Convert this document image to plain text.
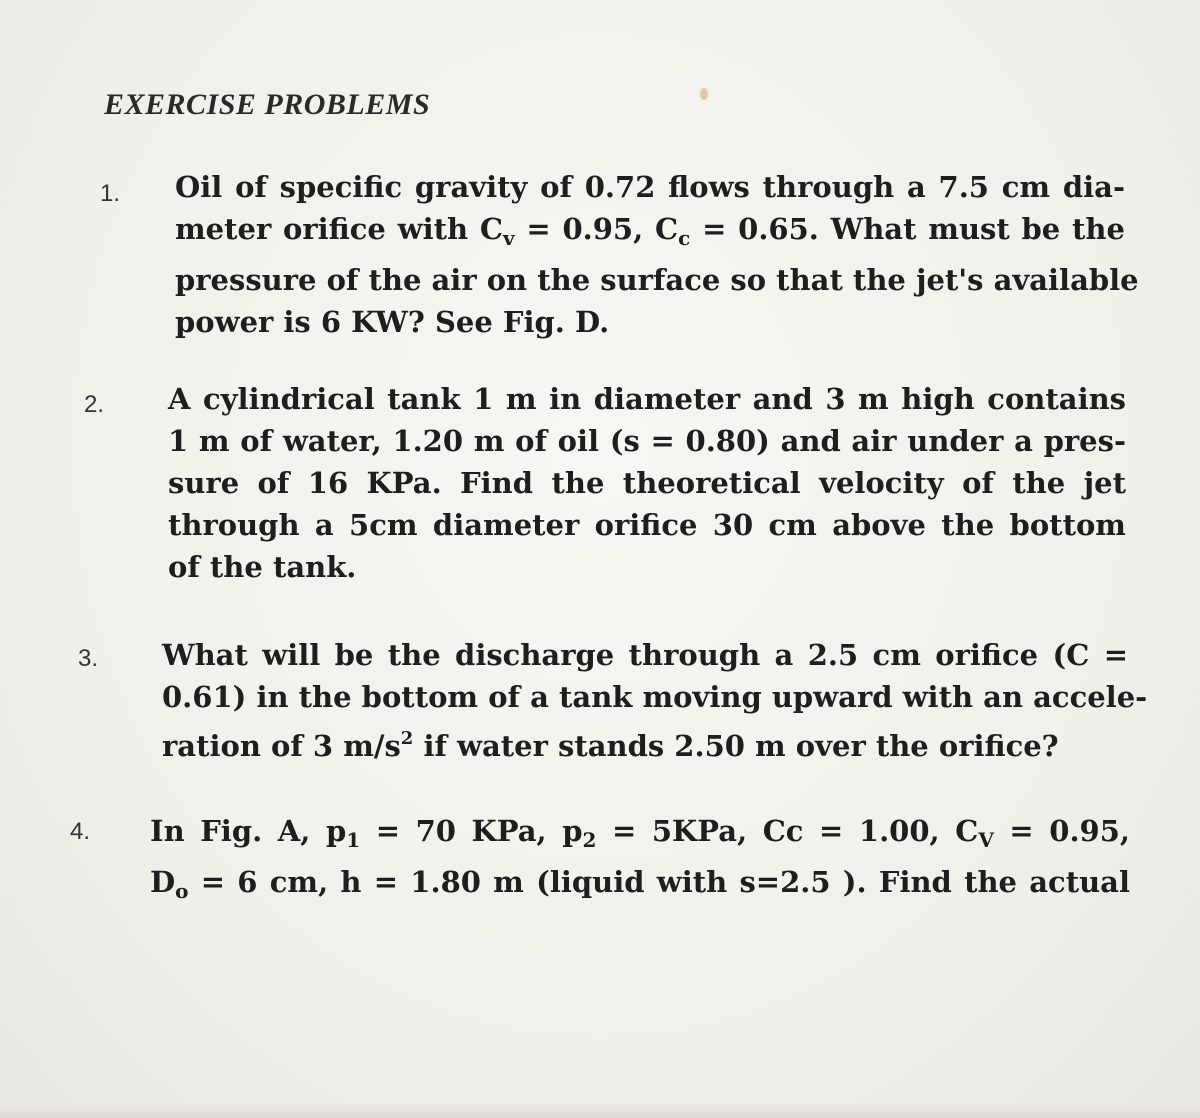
EXERCISE PROBLEMS
1. Oil of specific gravity of 0.72 flows through a 7.5 cm dia-
meter orifice with $C_v = 0.95$, $C_c = 0.65$. What must be the
pressure of the air on the surface so that the jet's available
power is 6 KW? See Fig. D.
2. A cylindrical tank 1 m in diameter and 3 m high contains
1 m of water, 1.20 m of oil (s = 0.80) and air under a pres-
sure of 16 KPa. Find the theoretical velocity of the jet
through a 5cm diameter orifice 30 cm above the bottom
of the tank.
3. What will be the discharge through a 2.5 cm orifice (C =
0.61) in the bottom of a tank moving upward with an accele-
ration of 3 $m/s^2$ if water stands 2.50 m over the orifice?
4. In Fig. A, $p_1 = 70$ KPa, $p_2 = 5KPa$, Cc = 1.00, $C_V = 0.95$,
$D_o = 6$ cm, h = 1.80 m (liquid with s=2.5 ). Find the actual
